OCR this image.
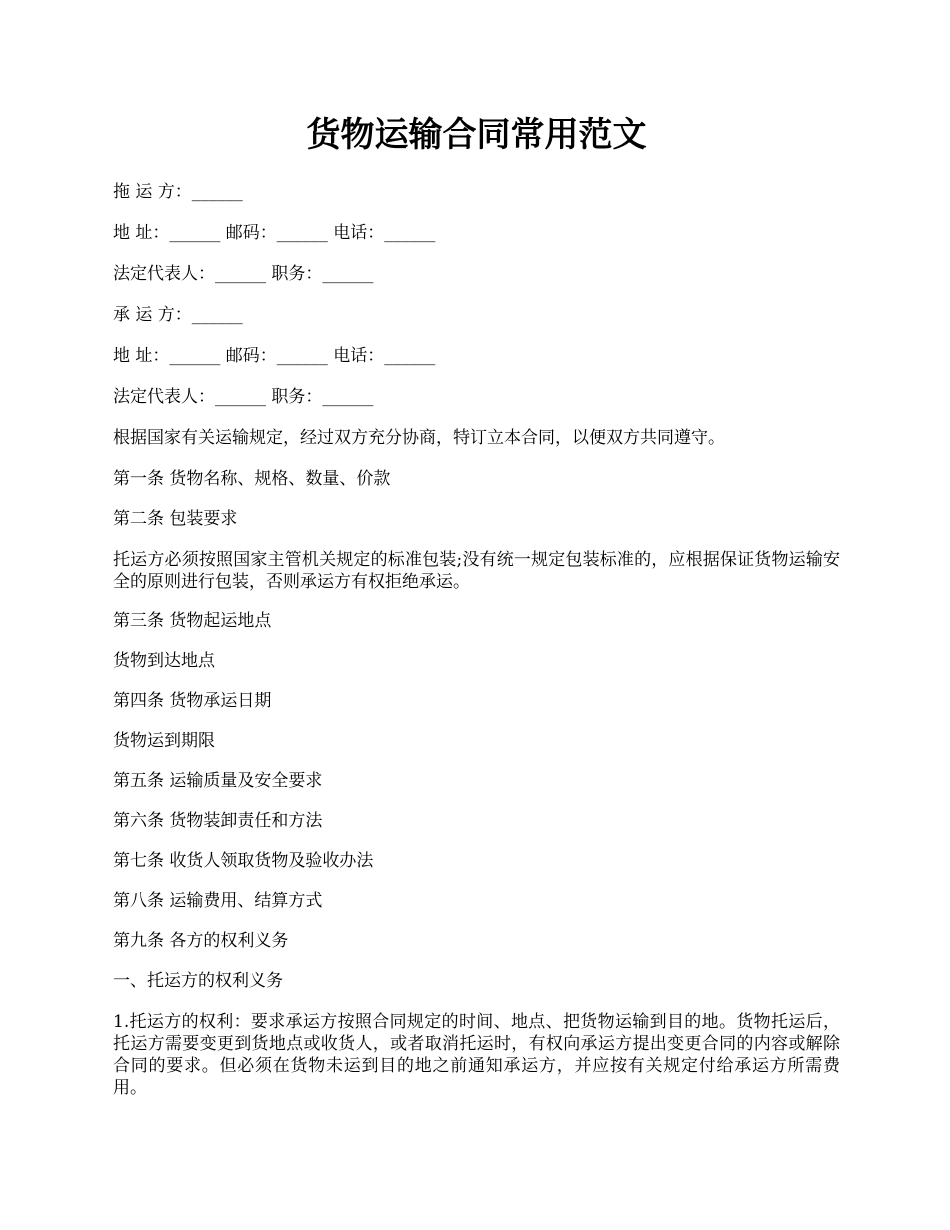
货物运输合同常用范文

拖 运 方：______

地 址：______ 邮码：______ 电话：______

法定代表人：______ 职务：______

承 运 方：______

地 址：______ 邮码：______ 电话：______

法定代表人：______ 职务：______

根据国家有关运输规定，经过双方充分协商，特订立本合同，以便双方共同遵守。

第一条 货物名称、规格、数量、价款

第二条 包装要求

托运方必须按照国家主管机关规定的标准包装;没有统一规定包装标准的，应根据保证货物运输安全的原则进行包装，否则承运方有权拒绝承运。

第三条 货物起运地点

货物到达地点

第四条 货物承运日期

货物运到期限

第五条 运输质量及安全要求

第六条 货物装卸责任和方法

第七条 收货人领取货物及验收办法

第八条 运输费用、结算方式

第九条 各方的权利义务

一、托运方的权利义务

1.托运方的权利：要求承运方按照合同规定的时间、地点、把货物运输到目的地。货物托运后，托运方需要变更到货地点或收货人，或者取消托运时，有权向承运方提出变更合同的内容或解除合同的要求。但必须在货物未运到目的地之前通知承运方，并应按有关规定付给承运方所需费用。
